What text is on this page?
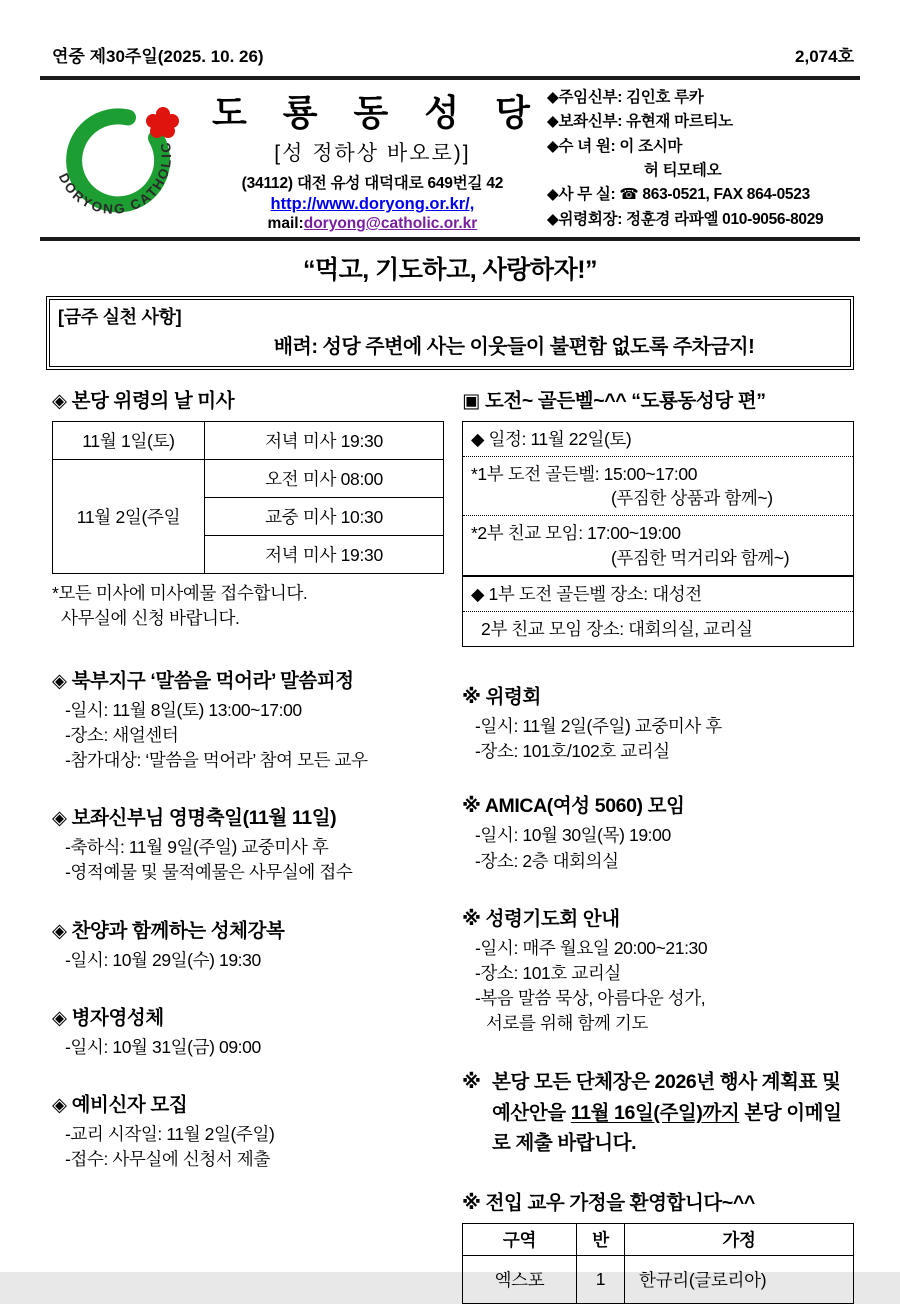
연중 제30주일(2025. 10. 26)	2,074호
DORYONG CATHOLIC
도 룡 동 성 당
[성 정하상 바오로)]
(34112) 대전 유성 대덕대로 649번길 42
http://www.doryong.or.kr/,
mail:doryong@catholic.or.kr
◆주임신부: 김인호 루카
◆보좌신부: 유현재 마르티노
◆수 녀 원: 이 조시마
허 티모테오
◆사 무 실: ☎ 863-0521, FAX 864-0523
◆위령회장: 정훈경 라파엘 010-9056-8029
“먹고, 기도하고, 사랑하자!”
[금주 실천 사항]
배려: 성당 주변에 사는 이웃들이 불편함 없도록 주차금지!
◈ 본당 위령의 날 미사
11월 1일(토)	저녁 미사 19:30
11월 2일(주일	오전 미사 08:00
	교중 미사 10:30
	저녁 미사 19:30
*모든 미사에 미사예물 접수합니다.
사무실에 신청 바랍니다.
◈ 북부지구 ‘말씀을 먹어라’ 말씀피정
-일시: 11월 8일(토) 13:00~17:00
-장소: 새얼센터
-참가대상: ‘말씀을 먹어라’ 참여 모든 교우
◈ 보좌신부님 영명축일(11월 11일)
-축하식: 11월 9일(주일) 교중미사 후
-영적예물 및 물적예물은 사무실에 접수
◈ 찬양과 함께하는 성체강복
-일시: 10월 29일(수) 19:30
◈ 병자영성체
-일시: 10월 31일(금) 09:00
◈ 예비신자 모집
-교리 시작일: 11월 2일(주일)
-접수: 사무실에 신청서 제출
▣ 도전~ 골든벨~^^ “도룡동성당 편”
◆ 일정: 11월 22일(토)
*1부 도전 골든벨: 15:00~17:00
(푸짐한 상품과 함께~)
*2부 친교 모임: 17:00~19:00
(푸짐한 먹거리와 함께~)
◆ 1부 도전 골든벨 장소: 대성전
2부 친교 모임 장소: 대회의실, 교리실
※ 위령회
-일시: 11월 2일(주일) 교중미사 후
-장소: 101호/102호 교리실
※ AMICA(여성 5060) 모임
-일시: 10월 30일(목) 19:00
-장소: 2층 대회의실
※ 성령기도회 안내
-일시: 매주 월요일 20:00~21:30
-장소: 101호 교리실
-복음 말씀 묵상, 아름다운 성가,
서로를 위해 함께 기도
※ 본당 모든 단체장은 2026년 행사 계획표 및 예산안을 11월 16일(주일)까지 본당 이메일로 제출 바랍니다.
※ 전입 교우 가정을 환영합니다~^^
구역	반	가정
엑스포	1	한규리(글로리아)
